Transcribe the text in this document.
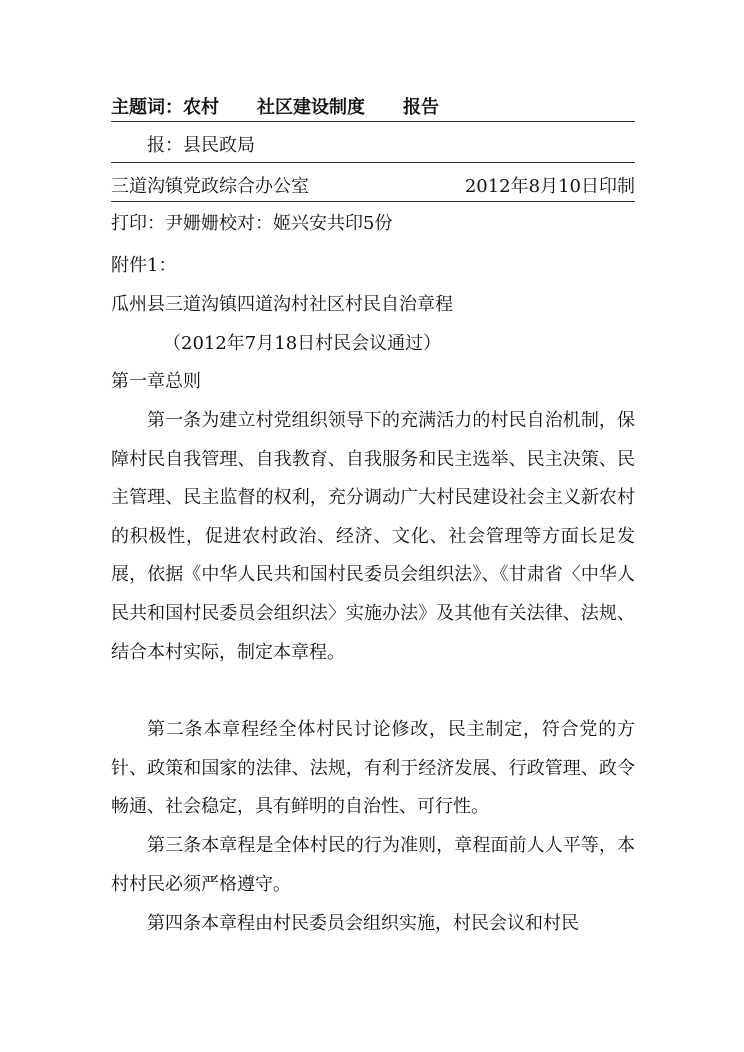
主题词：农村 社区建设制度 报告
报：县民政局
三道沟镇党政综合办公室	2012年8月10日印制
打印：尹姗姗校对：姬兴安共印5份
附件1：
瓜州县三道沟镇四道沟村社区村民自治章程
（2012年7月18日村民会议通过）
第一章总则

第一条为建立村党组织领导下的充满活力的村民自治机制，保障村民自我管理、自我教育、自我服务和民主选举、民主决策、民主管理、民主监督的权利，充分调动广大村民建设社会主义新农村的积极性，促进农村政治、经济、文化、社会管理等方面长足发展，依据《中华人民共和国村民委员会组织法》、《甘肃省〈中华人民共和国村民委员会组织法〉实施办法》及其他有关法律、法规、结合本村实际，制定本章程。

第二条本章程经全体村民讨论修改，民主制定，符合党的方针、政策和国家的法律、法规，有利于经济发展、行政管理、政令畅通、社会稳定，具有鲜明的自治性、可行性。

第三条本章程是全体村民的行为准则，章程面前人人平等，本村村民必须严格遵守。

第四条本章程由村民委员会组织实施，村民会议和村民
